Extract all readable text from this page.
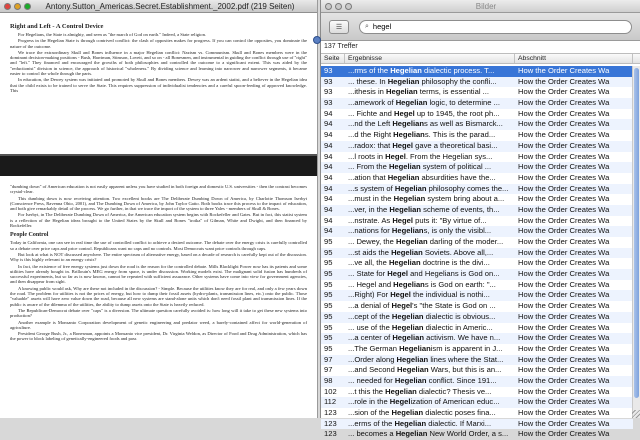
Antony.Sutton_Americas.Secret.Establishment._2002.pdf (219 Seiten)
Right and Left - A Control Device
For Hegelians, the State is almighty, and seen as "the march of God on earth." Indeed, a State religion.
Progress in the Hegelian State is through contrived conflict: the clash of opposites makes for progress. If you can control the opposites, you dominate the nature of the outcome.
We trace the extraordinary Skull and Bones influence in a major Hegelian conflict: Nazism vs. Communism. Skull and Bones members were in the dominant decision-making positions - Bush, Harriman, Stimson, Lovett, and so on - all Bonesmen, and instrumental in guiding the conflict through use of "right" and "left." They financed and encouraged the growths of both philosophies and controlled the outcome to a significant extent. This was aided by the "reductionist" division in science, the approach of historical "wholeness." By dividing science and learning into narrower and narrower segments, it became easier to control the whole through the parts.
In education, the Dewey system was initiated and promoted by Skull and Bones members. Dewey was an ardent statist, and a believer in the Hegelian idea that the child exists to be trained to serve the State. This requires suppression of individualist tendencies and a careful spoon-feeding of approved knowledge. This
"dumbing down" of American education is not easily apparent unless you have studied in both foreign and domestic U.S. universities - then the contrast becomes crystal-clear.
This dumbing down is now receiving attention. Two excellent books are The Deliberate Dumbing Down of America, by Charlotte Thomson Iserbyt (Conscience Press, Ravenna Ohio, 2001), and The Dumbing Down of America, by John Taylor Gatto. Both books trace this process to the impact of education, and both give remarkably detail of the process. We go further, in that we trace the import of the system to three Yales - members of Skull & Bones.
For Iserbyt, in The Deliberate Dumbing Down of America, the American education system begins with Rockefeller and Gates. But in fact, this statist system is a reflection of the Hegelian ideas brought to the United States by the Skull and Bones "troika" of Gilman, White and Dwight, and then financed by Rockefeller.
People Control
Today in California, one can see in real time the use of controlled conflict to achieve a desired outcome. The debate over the energy crisis is carefully controlled so a debate over price caps and price control. Republicans want no caps and no controls. Most Democrats want price controls through caps.
But look at what is NOT discussed anywhere. The entire spectrum of alternative energy, based on a decade of research is carefully kept out of the discussion. Why is this highly relevant to an energy crisis?
In fact, the existence of free energy systems just down the road is the reason for the controlled debate. Mills Blacklight Power now has its patents and some utilities have already bought in. Brillouin's MEG energy from space, is under discussion. Working models exist. The malignant solid fusion has hundreds of successful experiments, but so far as is now known, cannot be repeated with sufficient assurance. Other systems have come into view for government agencies, and then disappear from sight.
A knowing public would ask, Why are these not included in the discussion? - Simple. Because the utilities know they are for real, and only a few years down the road. The problem for utilities is not the prices of energy, but how to dump their fossil assets (hydro-plants, transmission lines, etc.) onto the public. Those "valuable" assets will have zero value down the road, because all new systems are stand-alone units which don't need fossil plant and transmission lines. If the public is aware of the dilemma of the utilities, the ability to dump assets onto the State is heavily reduced.
The Republican-Democrat debate over "caps" is a diversion. The ultimate question carefully avoided is: how long will it take to get these new systems into production?
Another example is Monsanto Corporation development of genetic engineering and predator weed, a barely-contained affect for world-generation of agriculture.
President George Bush, Jr., a Bonesman, appoints a Monsanto vice president, Dr. Virginia Weldon, as Director of Food and Drug Administration, which has the power to block labeling of genetically-engineered foods and pass
Bilder
☰	⌕
hegel
137 Treffer
Seite	Ergebnisse	Abschnitt
93	...rms of the Hegelian dialectic process. T...	How the Order Creates Wa
93	... these. In Hegelian philosophy the confli...	How the Order Creates Wa
93	...ithesis in Hegelian terms, is essential ...	How the Order Creates Wa
93	...amework of Hegelian logic, to determine ...	How the Order Creates Wa
94	... Fichte and Hegel up to 1945, the root ph...	How the Order Creates Wa
94	...nd the Left Hegelians as well as Bismarck...	How the Order Creates Wa
94	...d the Right Hegelians. This is the parad...	How the Order Creates Wa
94	...radox: that Hegel gave a theoretical basi...	How the Order Creates Wa
94	...l roots in Hegel. From the Hegelian sys...	How the Order Creates Wa
94	... From the Hegelian system of political ...	How the Order Creates Wa
94	...ation that Hegelian absurdities have the...	How the Order Creates Wa
94	...s system of Hegelian philosophy comes the...	How the Order Creates Wa
94	...must in the Hegelian system bring about a...	How the Order Creates Wa
94	...ver, in the Hegelian scheme of events, th...	How the Order Creates Wa
94	...nstrate. As Hegel puts it: "By virtue of...	How the Order Creates Wa
94	...nations for Hegelians, is only the visibl...	How the Order Creates Wa
95	... Dewey, the Hegelian darling of the moder...	How the Order Creates Wa
95	...st aids the Hegelian Soviets. Above all,...	How the Order Creates Wa
95	...ve all, the Hegelian doctrine is the divi...	How the Order Creates Wa
95	... State for Hegel and Hegelians is God on...	How the Order Creates Wa
95	... Hegel and Hegelians is God on earth: "...	How the Order Creates Wa
95	...Right) For Hegel the individual is nothi...	How the Order Creates Wa
95	...a denial of Hegel's "the State is God on ...	How the Order Creates Wa
95	...cept of the Hegelian dialectic is obvious...	How the Order Creates Wa
95	... use of the Hegelian dialectic in Americ...	How the Order Creates Wa
95	...a center of Hegelian activism. We have n...	How the Order Creates Wa
95	...The German Hegelianism is apparent in J...	How the Order Creates Wa
97	...Order along Hegelian lines where the Stat...	How the Order Creates Wa
97	...and Second Hegelian Wars, but this is an...	How the Order Creates Wa
98	... needed for Hegelian conflict. Since 191...	How the Order Creates Wa
102	...t this the Hegelian dialectic? Thesis ve...	How the Order Creates Wa
112	...role in the Hegelization of American educ...	How the Order Creates Wa
123	...sion of the Hegelian dialectic poses fina...	How the Order Creates Wa
123	...erms of the Hegelian dialectic. If Marxi...	How the Order Creates Wa
123	... becomes a Hegelian New World Order, a s...	How the Order Creates Wa
